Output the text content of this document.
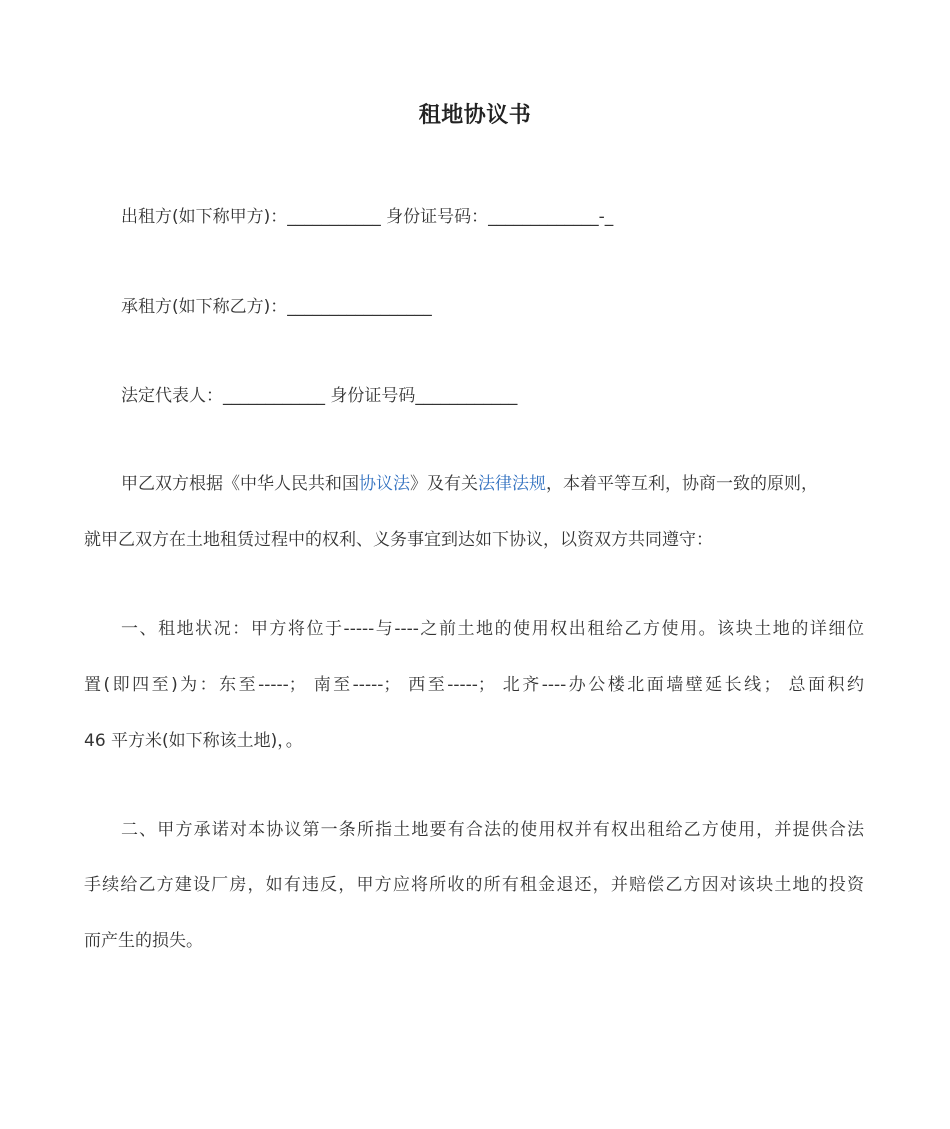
租地协议书
出租方(如下称甲方)：___________ 身份证号码：_____________-_
承租方(如下称乙方)：_________________
法定代表人：____________ 身份证号码____________
甲乙双方根据《中华人民共和国协议法》及有关法律法规，本着平等互利，协商一致的原则，
就甲乙双方在土地租赁过程中的权利、义务事宜到达如下协议，以资双方共同遵守：
一、租地状况：甲方将位于-----与----之前土地的使用权出租给乙方使用。该块土地的详细位
置(即四至)为：东至-----； 南至-----； 西至-----； 北齐----办公楼北面墙壁延长线； 总面积约
46 平方米(如下称该土地)，。
二、甲方承诺对本协议第一条所指土地要有合法的使用权并有权出租给乙方使用，并提供合法
手续给乙方建设厂房，如有违反，甲方应将所收的所有租金退还，并赔偿乙方因对该块土地的投资
而产生的损失。
